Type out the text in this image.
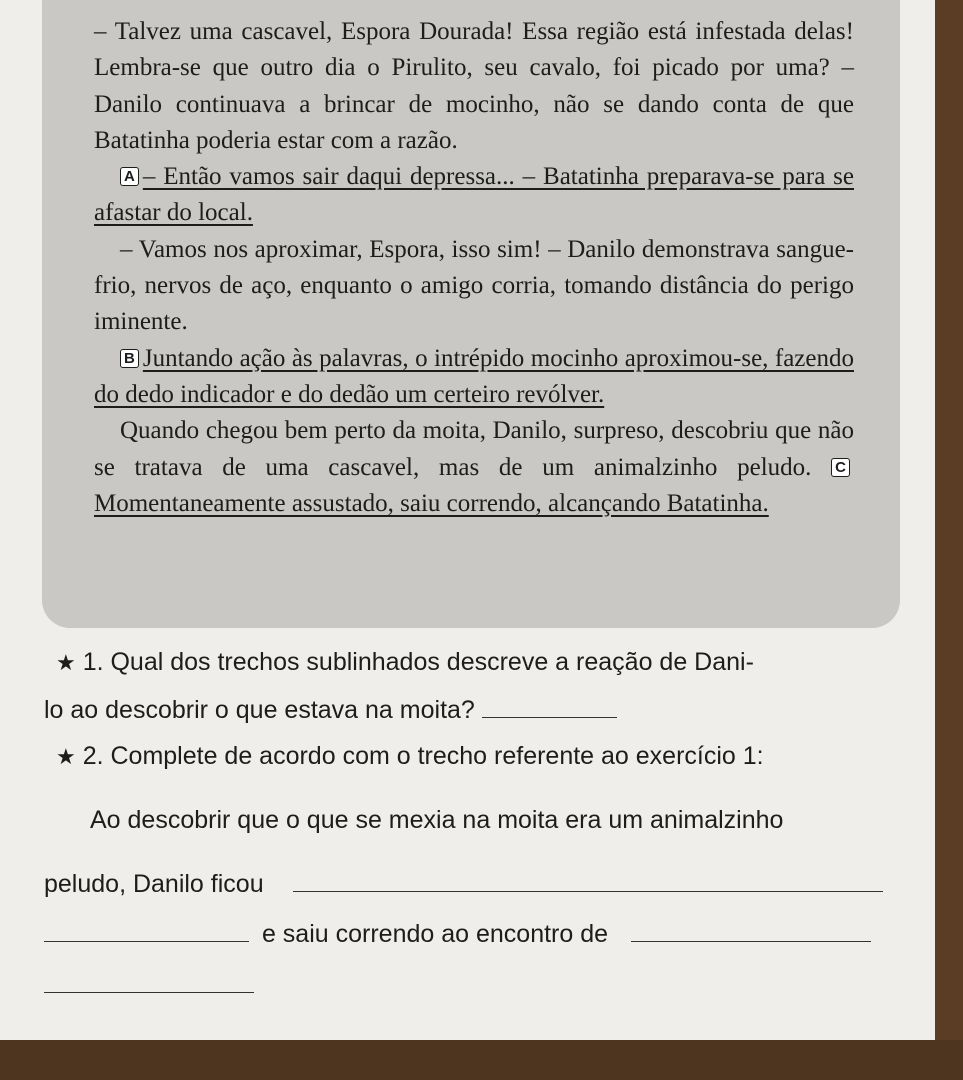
– Talvez uma cascavel, Espora Dourada! Essa região está infestada delas! Lembra-se que outro dia o Pirulito, seu cavalo, foi picado por uma? – Danilo continuava a brincar de mocinho, não se dando conta de que Batatinha poderia estar com a razão.

A – Então vamos sair daqui depressa... – Batatinha preparava-se para se afastar do local.

– Vamos nos aproximar, Espora, isso sim! – Danilo demonstrava sangue-frio, nervos de aço, enquanto o amigo corria, tomando distância do perigo iminente.

B Juntando ação às palavras, o intrépido mocinho aproximou-se, fazendo do dedo indicador e do dedão um certeiro revólver.

Quando chegou bem perto da moita, Danilo, surpreso, descobriu que não se tratava de uma cascavel, mas de um animalzinho peludo. CMomentaneamente assustado, saiu correndo, alcançando Batatinha.

★ 1. Qual dos trechos sublinhados descreve a reação de Dani-
lo ao descobrir o que estava na moita?
★ 2. Complete de acordo com o trecho referente ao exercício 1:
Ao descobrir que o que se mexia na moita era um animalzinho
peludo, Danilo ficou
e saiu correndo ao encontro de
